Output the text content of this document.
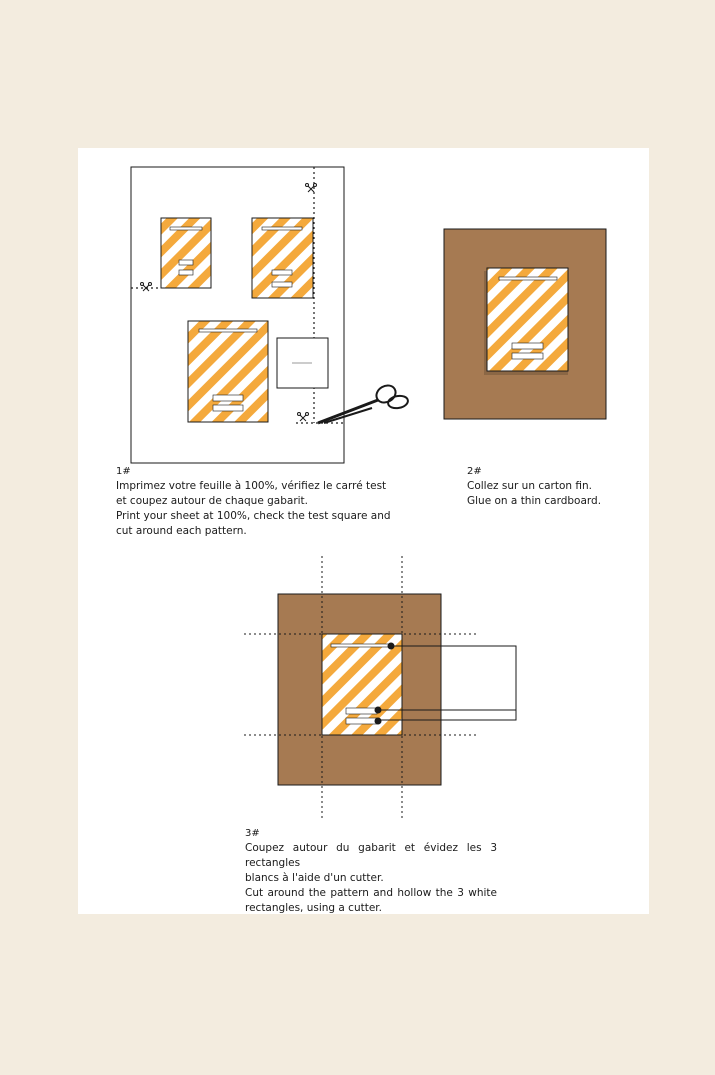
1#
Imprimez votre feuille à 100%, vérifiez le carré test
et coupez autour de chaque gabarit.
Print your sheet at 100%, check the test square and
cut around each pattern.
2#
Collez sur un carton fin.
Glue on a thin cardboard.
3#
Coupez autour du gabarit et évidez les 3 rectangles
blancs à l'aide d'un cutter.
Cut around the pattern and hollow the 3 white
rectangles, using a cutter.
